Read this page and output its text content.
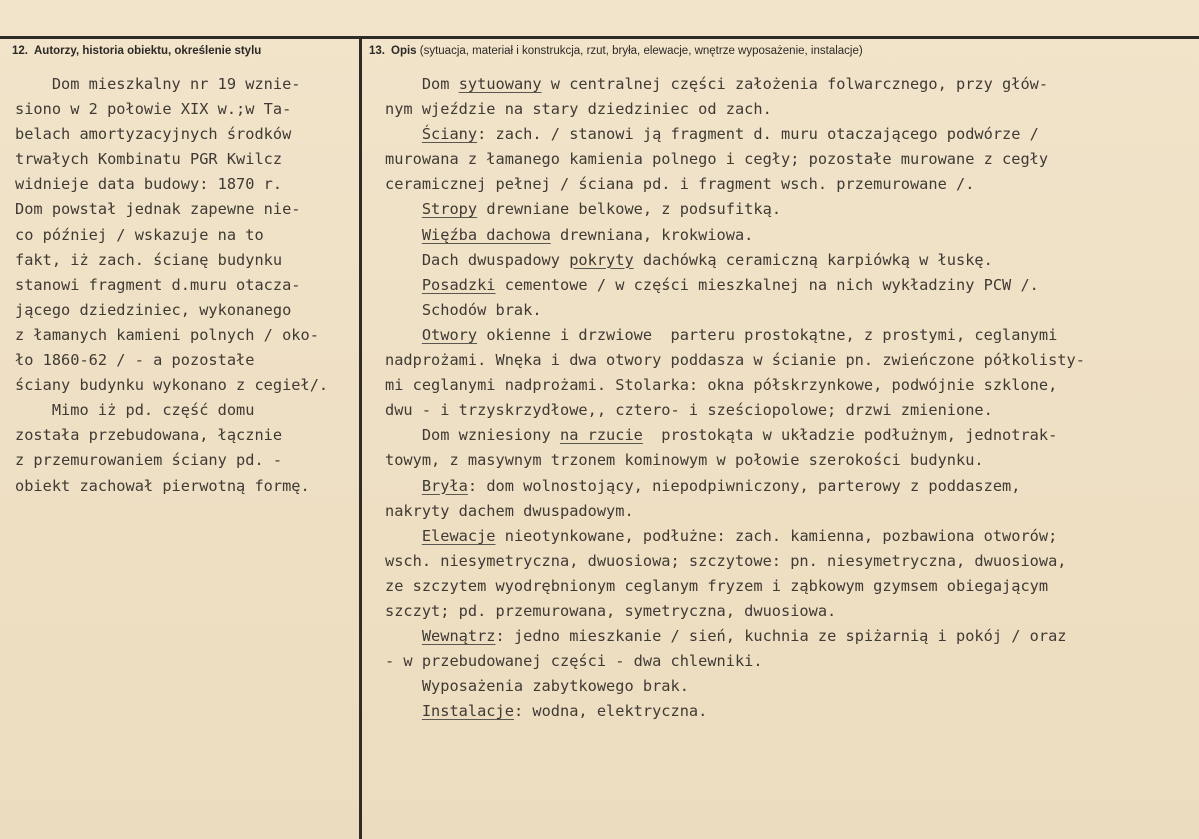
12. Autorzy, historia obiektu, określenie stylu	13. Opis (sytuacja, materiał i konstrukcja, rzut, bryła, elewacje, wnętrze wyposażenie, instalacje)
Dom mieszkalny nr 19 wznie-
siono w 2 połowie XIX w.;w Ta-
belach amortyzacyjnych środków
trwałych Kombinatu PGR Kwilcz
widnieje data budowy: 1870 r.
Dom powstał jednak zapewne nie-
co później / wskazuje na to
fakt, iż zach. ścianę budynku
stanowi fragment d.muru otacza-
jącego dziedziniec, wykonanego
z łamanych kamieni polnych / oko-
ło 1860-62 / - a pozostałe
ściany budynku wykonano z cegieł/.
Mimo iż pd. część domu
została przebudowana, łącznie
z przemurowaniem ściany pd. -
obiekt zachował pierwotną formę.
Dom sytuowany w centralnej części założenia folwarcznego, przy głów-
nym wjeździe na stary dziedziniec od zach.
Ściany: zach. / stanowi ją fragment d. muru otaczającego podwórze /
murowana z łamanego kamienia polnego i cegły; pozostałe murowane z cegły
ceramicznej pełnej / ściana pd. i fragment wsch. przemurowane /.
Stropy drewniane belkowe, z podsufitką.
Więźba dachowa drewniana, krokwiowa.
Dach dwuspadowy pokryty dachówką ceramiczną karpiówką w łuskę.
Posadzki cementowe / w części mieszkalnej na nich wykładziny PCW /.
Schodów brak.
Otwory okienne i drzwiowe  parteru prostokątne, z prostymi, ceglanymi
nadprożami. Wnęka i dwa otwory poddasza w ścianie pn. zwieńczone półkolisty-
mi ceglanymi nadprożami. Stolarka: okna półskrzynkowe, podwójnie szklone,
dwu - i trzyskrzydłowe,, cztero- i sześciopolowe; drzwi zmienione.
Dom wzniesiony na rzucie  prostokąta w układzie podłużnym, jednotrak-
towym, z masywnym trzonem kominowym w połowie szerokości budynku.
Bryła: dom wolnostojący, niepodpiwniczony, parterowy z poddaszem,
nakryty dachem dwuspadowym.
Elewacje nieotynkowane, podłużne: zach. kamienna, pozbawiona otworów;
wsch. niesymetryczna, dwuosiowa; szczytowe: pn. niesymetryczna, dwuosiowa,
ze szczytem wyodrębnionym ceglanym fryzem i ząbkowym gzymsem obiegającym
szczyt; pd. przemurowana, symetryczna, dwuosiowa.
Wewnątrz: jedno mieszkanie / sień, kuchnia ze spiżarnią i pokój / oraz
- w przebudowanej części - dwa chlewniki.
Wyposażenia zabytkowego brak.
Instalacje: wodna, elektryczna.
